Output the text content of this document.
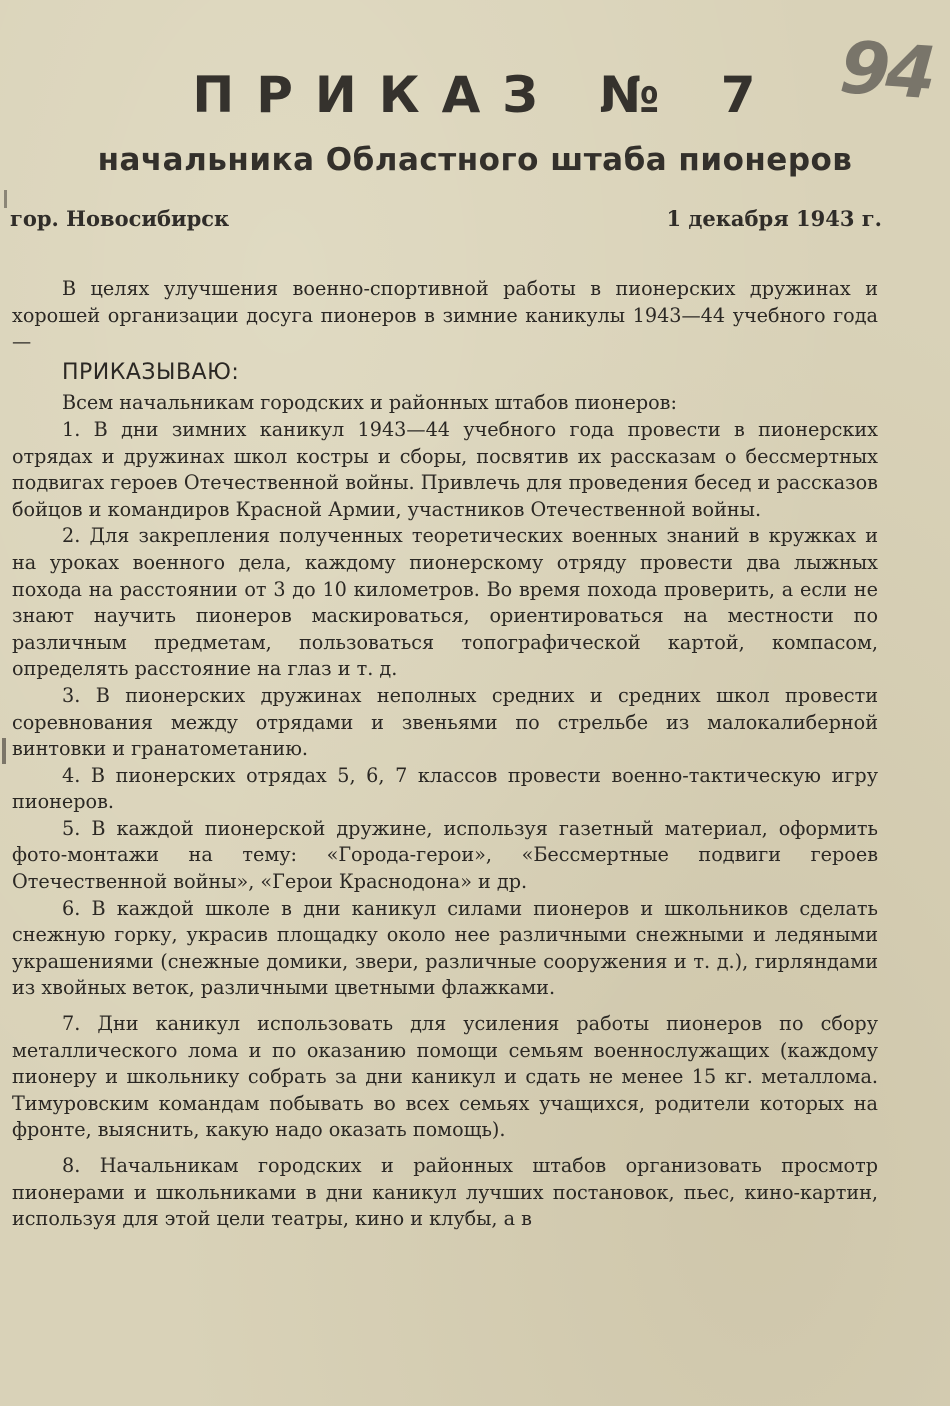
94
ПРИКАЗ № 7
начальника Областного штаба пионеров
гор. Новосибирск	1 декабря 1943 г.

В целях улучшения военно-спортивной работы в пионерских дружинах и хорошей организации досуга пионеров в зимние каникулы 1943—44 учебного года—

ПРИКАЗЫВАЮ:

Всем начальникам городских и районных штабов пионеров:

1. В дни зимних каникул 1943—44 учебного года провести в пионерских отрядах и дружинах школ костры и сборы, посвятив их рассказам о бессмертных подвигах героев Отечественной войны. Привлечь для проведения бесед и рассказов бойцов и командиров Красной Армии, участников Отечественной войны.

2. Для закрепления полученных теоретических военных знаний в кружках и на уроках военного дела, каждому пионерскому отряду провести два лыжных похода на расстоянии от 3 до 10 километров. Во время похода проверить, а если не знают научить пионеров маскироваться, ориентироваться на местности по различным предметам, пользоваться топографической картой, компасом, определять расстояние на глаз и т. д.

3. В пионерских дружинах неполных средних и средних школ провести соревнования между отрядами и звеньями по стрельбе из малокалиберной винтовки и гранатометанию.

4. В пионерских отрядах 5, 6, 7 классов провести военно-тактическую игру пионеров.

5. В каждой пионерской дружине, используя газетный материал, оформить фото-монтажи на тему: «Города-герои», «Бессмертные подвиги героев Отечественной войны», «Герои Краснодона» и др.

6. В каждой школе в дни каникул силами пионеров и школьников сделать снежную горку, украсив площадку около нее различными снежными и ледяными украшениями (снежные домики, звери, различные сооружения и т. д.), гирляндами из хвойных веток, различными цветными флажками.

7. Дни каникул использовать для усиления работы пионеров по сбору металлического лома и по оказанию помощи семьям военнослужащих (каждому пионеру и школьнику собрать за дни каникул и сдать не менее 15 кг. металлома. Тимуровским командам побывать во всех семьях учащихся, родители которых на фронте, выяснить, какую надо оказать помощь).

8. Начальникам городских и районных штабов организовать просмотр пионерами и школьниками в дни каникул лучших постановок, пьес, кино-картин, используя для этой цели театры, кино и клубы, а в
